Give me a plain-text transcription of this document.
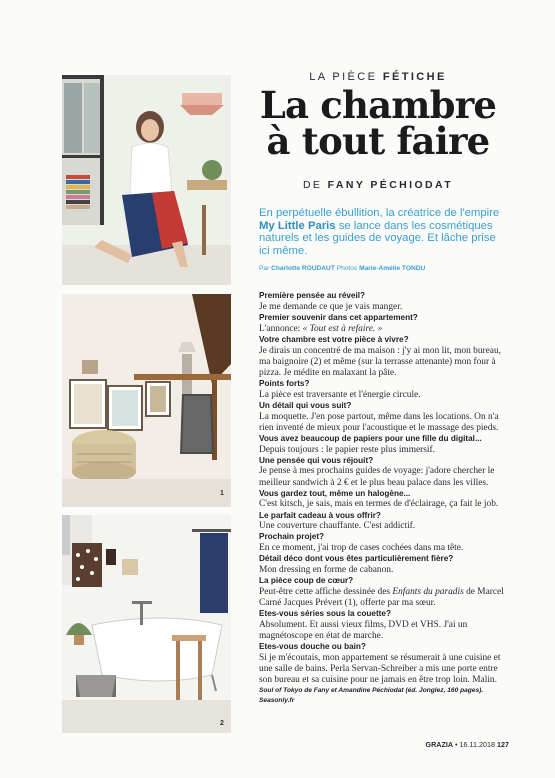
1
2
LA PIÈCE FÉTICHE
La chambre
à tout faire
DE FANY PÉCHIODAT
En perpétuelle ébullition, la créatrice de l'empire My Little Paris se lance dans les cosmétiques naturels et les guides de voyage. Et lâche prise ici même.
Par Charlotte ROUDAUT Photos Marie-Amélie TONDU

Première pensée au réveil?

Je me demande ce que je vais manger.

Premier souvenir dans cet appartement?

L'annonce: « Tout est à refaire. »

Votre chambre est votre pièce à vivre?

Je dirais un concentré de ma maison : j'y ai mon lit, mon bureau, ma baignoire (2) et même (sur la terrasse attenante) mon four à pizza. Je médite en malaxant la pâte.

Points forts?

La pièce est traversante et l'énergie circule.

Un détail qui vous suit?

La moquette. J'en pose partout, même dans les locations. On n'a rien inventé de mieux pour l'acoustique et le massage des pieds.

Vous avez beaucoup de papiers pour une fille du digital...

Depuis toujours : le papier reste plus immersif.

Une pensée qui vous réjouit?

Je pense à mes prochains guides de voyage: j'adore chercher le meilleur sandwich à 2 € et le plus beau palace dans les villes.

Vous gardez tout, même un halogène...

C'est kitsch, je sais, mais en termes de d'éclairage, ça fait le job.

Le parfait cadeau à vous offrir?

Une couverture chauffante. C'est addictif.

Prochain projet?

En ce moment, j'ai trop de cases cochées dans ma tête.

Détail déco dont vous êtes particulièrement fière?

Mon dressing en forme de cabanon.

La pièce coup de cœur?

Peut-être cette affiche dessinée des Enfants du paradis de Marcel Carné Jacques Prévert (1), offerte par ma sœur.

Etes-vous séries sous la couette?

Absolument. Et aussi vieux films, DVD et VHS. J'ai un magnétoscope en état de marche.

Etes-vous douche ou bain?

Si je m'écoutais, mon appartement se résumerait à une cuisine et une salle de bains. Perla Servan-Schreiber a mis une porte entre son bureau et sa cuisine pour ne jamais en être trop loin. Malin.

Soul of Tokyo de Fany et Amandine Péchiodat (éd. Jonglez, 160 pages). Seasonly.fr
GRAZIA • 16.11.2018 127
